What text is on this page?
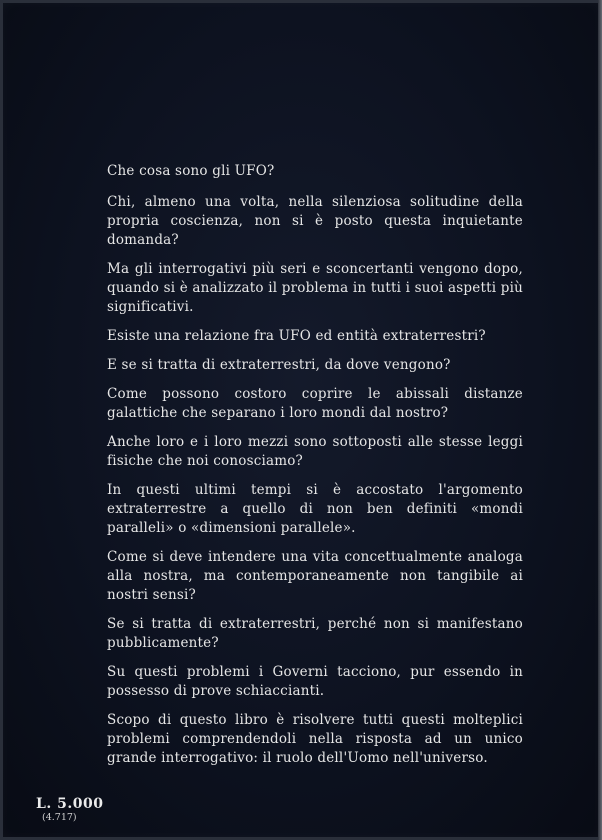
Che cosa sono gli UFO?

Chi, almeno una volta, nella silenziosa solitudine della propria coscienza, non si è posto questa inquietante domanda?

Ma gli interrogativi più seri e sconcertanti vengono dopo, quando si è analizzato il problema in tutti i suoi aspetti più significativi.

Esiste una relazione fra UFO ed entità extraterrestri?

E se si tratta di extraterrestri, da dove vengono?

Come possono costoro coprire le abissali distanze galattiche che separano i loro mondi dal nostro?

Anche loro e i loro mezzi sono sottoposti alle stesse leggi fisiche che noi conosciamo?

In questi ultimi tempi si è accostato l'argomento extraterrestre a quello di non ben definiti «mondi paralleli» o «dimensioni parallele».

Come si deve intendere una vita concettualmente analoga alla nostra, ma contemporaneamente non tangibile ai nostri sensi?

Se si tratta di extraterrestri, perché non si manifestano pubblicamente?

Su questi problemi i Governi tacciono, pur essendo in possesso di prove schiaccianti.

Scopo di questo libro è risolvere tutti questi molteplici problemi comprendendoli nella risposta ad un unico grande interrogativo: il ruolo dell'Uomo nell'universo.

L. 5.000
(4.717)
